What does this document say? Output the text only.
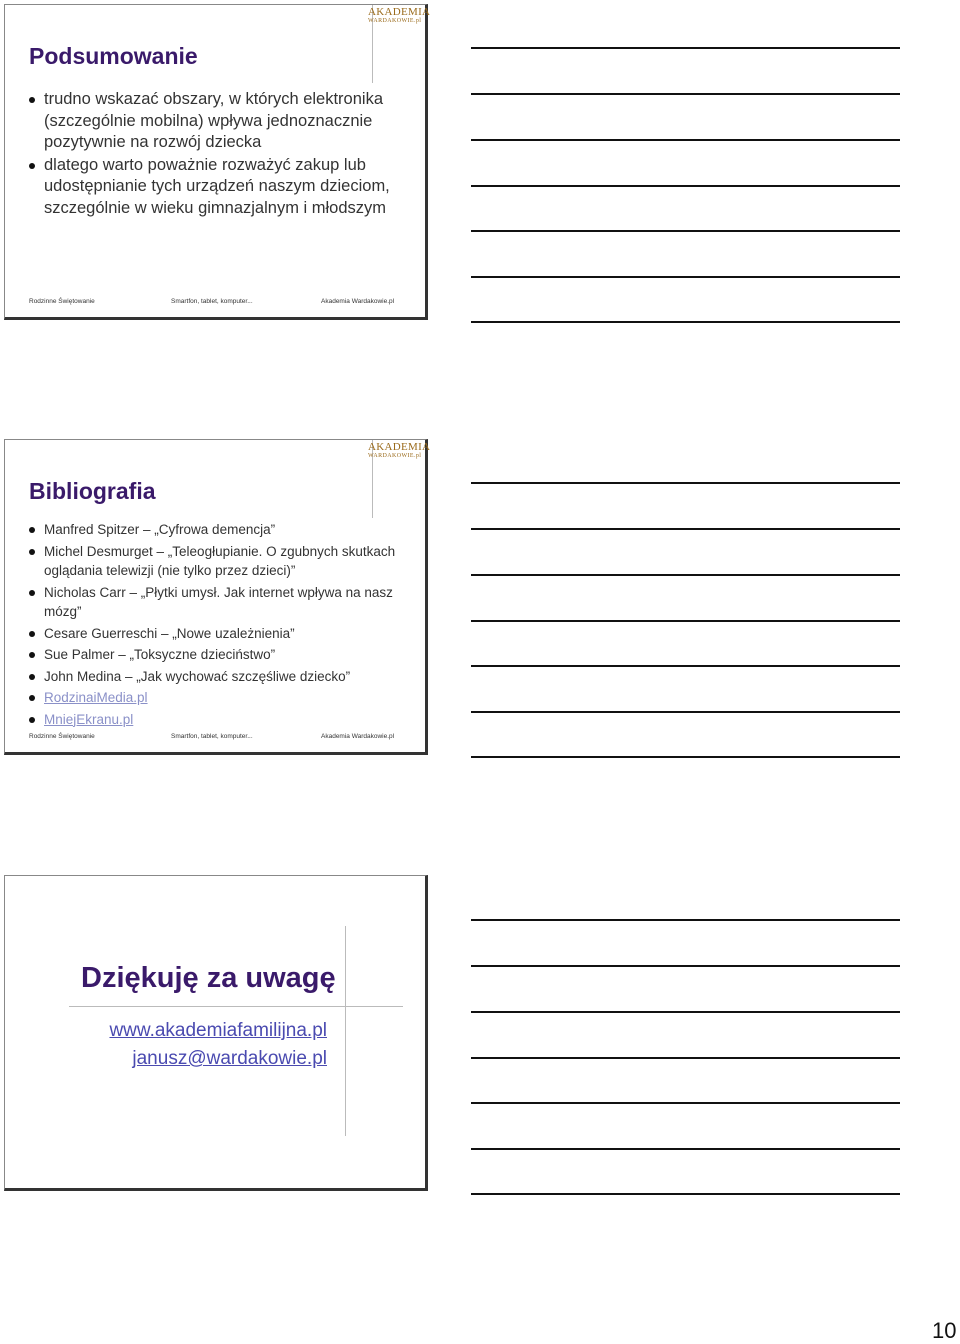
AKADEMIA
WARDAKOWIE.pl
Podsumowanie
trudno wskazać obszary, w których elektronika (szczególnie mobilna) wpływa jednoznacznie pozytywnie na rozwój dziecka
dlatego warto poważnie rozważyć zakup lub udostępnianie tych urządzeń naszym dzieciom, szczególnie w wieku gimnazjalnym i młodszym
Rodzinne Świętowanie	Smartfon, tablet, komputer...	Akademia Wardakowie.pl
AKADEMIA
WARDAKOWIE.pl
Bibliografia
Manfred Spitzer – „Cyfrowa demencja”
Michel Desmurget – „Teleogłupianie. O zgubnych skutkach oglądania telewizji (nie tylko przez dzieci)”
Nicholas Carr – „Płytki umysł. Jak internet wpływa na nasz mózg”
Cesare Guerreschi – „Nowe uzależnienia”
Sue Palmer – „Toksyczne dzieciństwo”
John Medina – „Jak wychować szczęśliwe dziecko”
RodzinaiMedia.pl
MniejEkranu.pl
Rodzinne Świętowanie	Smartfon, tablet, komputer...	Akademia Wardakowie.pl
Dziękuję za uwagę
www.akademiafamilijna.pl
janusz@wardakowie.pl
10
